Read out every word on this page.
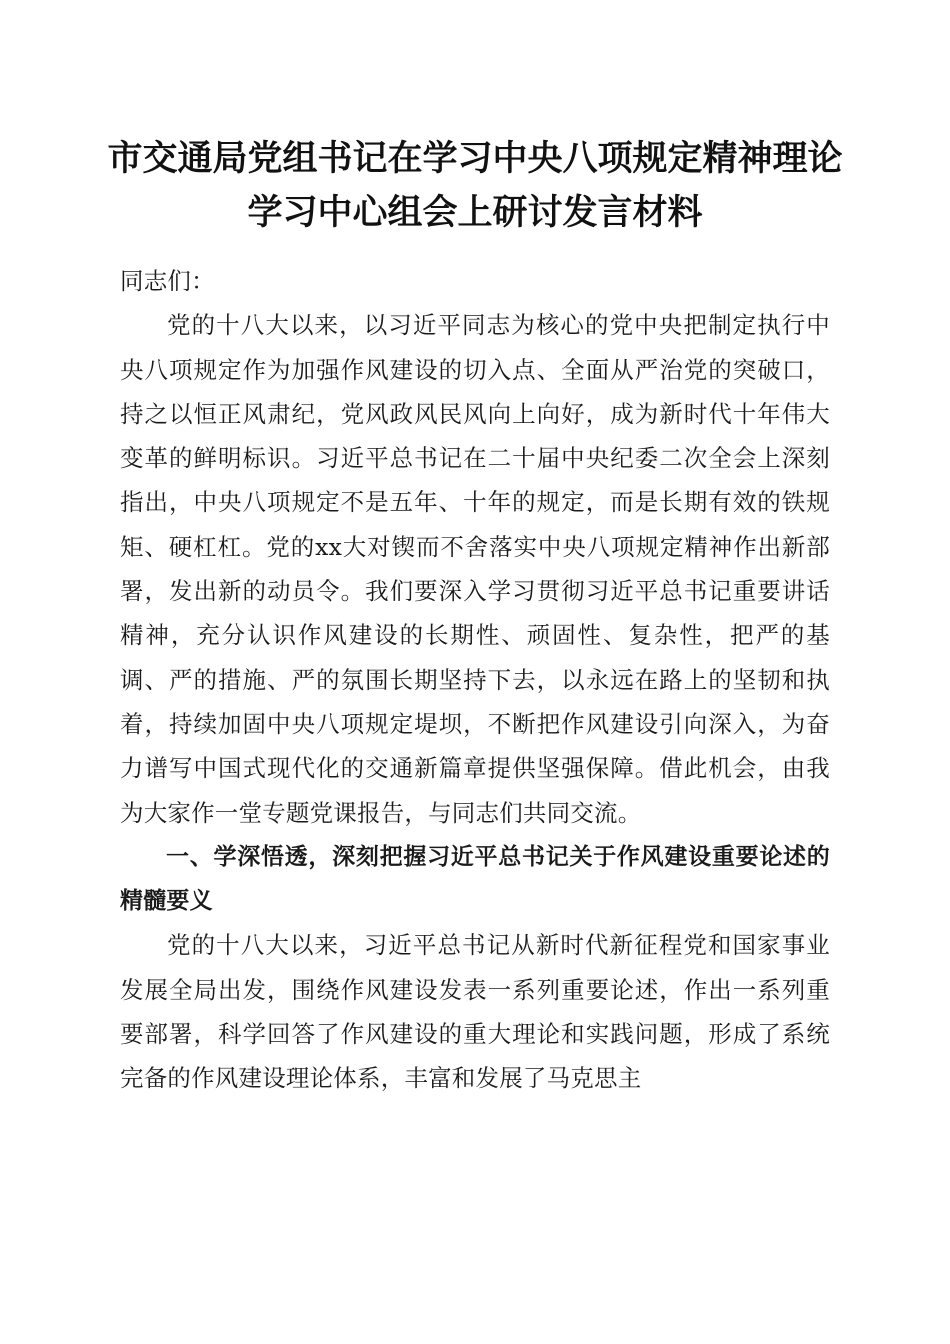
市交通局党组书记在学习中央八项规定精神理论学习中心组会上研讨发言材料

同志们：

党的十八大以来，以习近平同志为核心的党中央把制定执行中央八项规定作为加强作风建设的切入点、全面从严治党的突破口，持之以恒正风肃纪，党风政风民风向上向好，成为新时代十年伟大变革的鲜明标识。习近平总书记在二十届中央纪委二次全会上深刻指出，中央八项规定不是五年、十年的规定，而是长期有效的铁规矩、硬杠杠。党的xx大对锲而不舍落实中央八项规定精神作出新部署，发出新的动员令。我们要深入学习贯彻习近平总书记重要讲话精神，充分认识作风建设的长期性、顽固性、复杂性，把严的基调、严的措施、严的氛围长期坚持下去，以永远在路上的坚韧和执着，持续加固中央八项规定堤坝，不断把作风建设引向深入，为奋力谱写中国式现代化的交通新篇章提供坚强保障。借此机会，由我为大家作一堂专题党课报告，与同志们共同交流。

一、学深悟透，深刻把握习近平总书记关于作风建设重要论述的精髓要义

党的十八大以来，习近平总书记从新时代新征程党和国家事业发展全局出发，围绕作风建设发表一系列重要论述，作出一系列重要部署，科学回答了作风建设的重大理论和实践问题，形成了系统完备的作风建设理论体系，丰富和发展了马克思主
